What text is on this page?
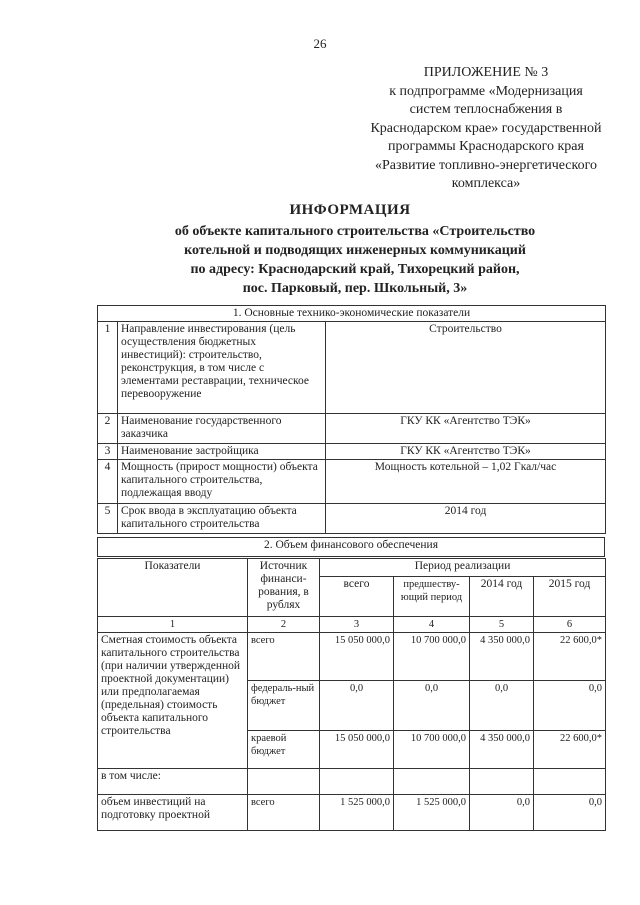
26
ПРИЛОЖЕНИЕ № 3
к подпрограмме «Модернизация
систем теплоснабжения в
Краснодарском крае» государственной
программы Краснодарского края
«Развитие топливно-энергетического
комплекса»
ИНФОРМАЦИЯ
об объекте капитального строительства «Строительство
котельной и подводящих инженерных коммуникаций
по адресу: Краснодарский край, Тихорецкий район,
пос. Парковый, пер. Школьный, 3»
1. Основные технико-экономические показатели		
1	Направление инвестирования (цель осуществления бюджетных инвестиций): строительство, реконструкция, в том числе с элементами реставрации, техническое перевооружение	Строительство
2	Наименование государственного заказчика	ГКУ КК «Агентство ТЭК»
3	Наименование застройщика	ГКУ КК «Агентство ТЭК»
4	Мощность (прирост мощности) объекта капитального строительства, подлежащая вводу	Мощность котельной – 1,02 Гкал/час
5	Срок ввода в эксплуатацию объекта капитального строительства	2014 год
2. Объем финансового обеспечения
Показатели	Источник финанси-рования, в рублях	Период реализации			
		всего	предшеству-ющий период	2014 год	2015 год
1	2	3	4	5	6
Сметная стоимость объекта капитального строительства (при наличии утвержденной проектной документации) или предполагаемая (предельная) стоимость объекта капитального строительства	всего	15 050 000,0	10 700 000,0	4 350 000,0	22 600,0*
	федераль-ный бюджет	0,0	0,0	0,0	0,0
	краевой бюджет	15 050 000,0	10 700 000,0	4 350 000,0	22 600,0*
в том числе:					
объем инвестиций на подготовку проектной	всего	1 525 000,0	1 525 000,0	0,0	0,0
